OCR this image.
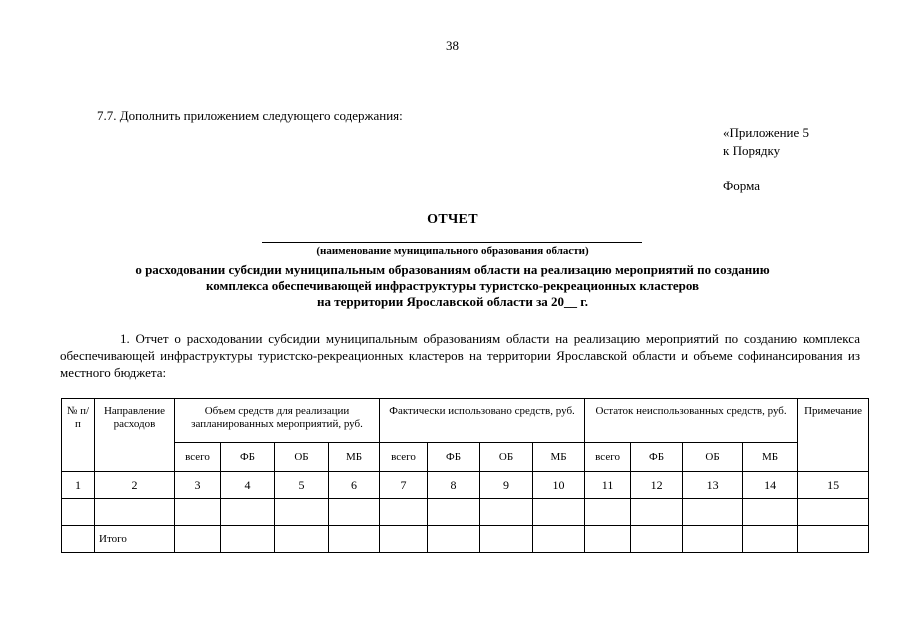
38
7.7. Дополнить приложением следующего содержания:
«Приложение 5
к Порядку
Форма
ОТЧЕТ
(наименование муниципального образования области)
о расходовании субсидии муниципальным образованиям области на реализацию мероприятий по созданию
комплекса обеспечивающей инфраструктуры туристско-рекреационных кластеров
на территории Ярославской области за 20__ г.
1. Отчет о расходовании субсидии муниципальным образованиям области на реализацию мероприятий по созданию комплекса обеспечивающей инфраструктуры туристско-рекреационных кластеров на территории Ярославской области и объеме софинансирования из местного бюджета:
№ п/п	Направление расходов	Объем средств для реализации запланированных мероприятий, руб.				Фактически использовано средств, руб.				Остаток неиспользованных средств, руб.				Примечание
		всего	ФБ	ОБ	МБ	всего	ФБ	ОБ	МБ	всего	ФБ	ОБ	МБ	
1	2	3	4	5	6	7	8	9	10	11	12	13	14	15

	Итого													
